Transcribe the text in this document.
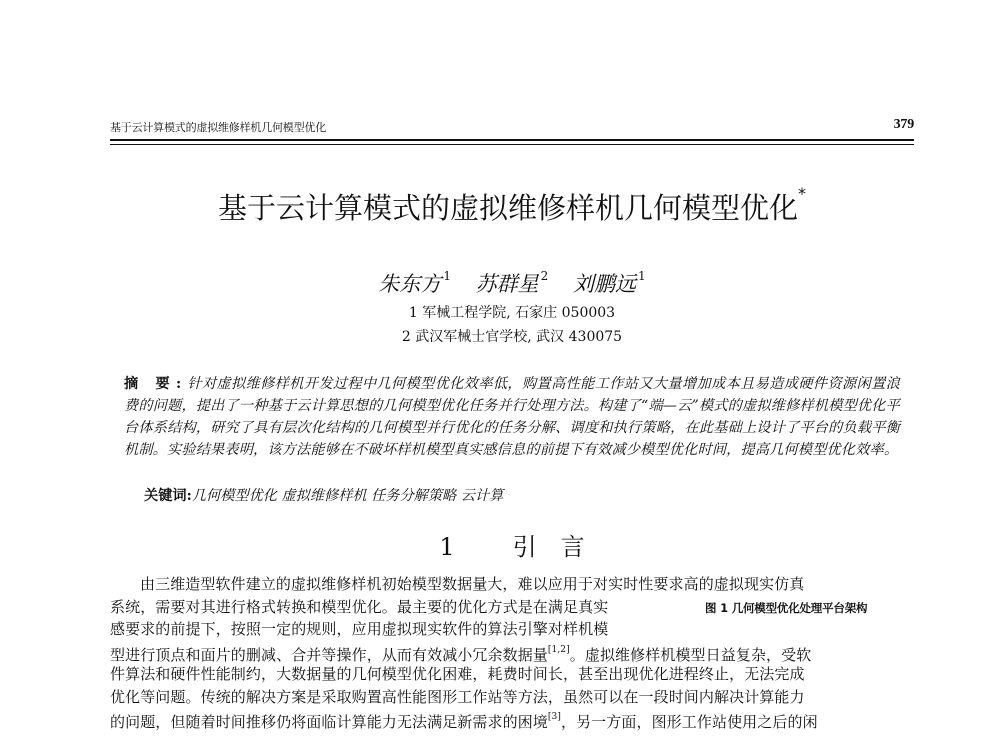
基于云计算模式的虚拟维修样机几何模型优化	379
基于云计算模式的虚拟维修样机几何模型优化*
朱东方 $^1$ 苏群星 $^2$ 刘鹏远 $^1$
1 军械工程学院, 石家庄 050003
2 武汉军械士官学校, 武汉 430075
摘 要:针对虚拟维修样机开发过程中几何模型优化效率低，购置高性能工作站又大量增加成本且易造成硬件资源闲置浪费的问题，提出了一种基于云计算思想的几何模型优化任务并行处理方法。构建了“端—云”模式的虚拟维修样机模型优化平台体系结构，研究了具有层次化结构的几何模型并行优化的任务分解、调度和执行策略，在此基础上设计了平台的负载平衡机制。实验结果表明，该方法能够在不破坏样机模型真实感信息的前提下有效减少模型优化时间，提高几何模型优化效率。
关键词:几何模型优化 虚拟维修样机 任务分解策略 云计算
1 引　言
由三维造型软件建立的虚拟维修样机初始模型数据量大，难以应用于对实时性要求高的虚拟现实仿真
系统，需要对其进行格式转换和模型优化。最主要的优化方式是在满足真实
感要求的前提下，按照一定的规则，应用虚拟现实软件的算法引擎对样机模
型进行顶点和面片的删减、合并等操作，从而有效减小冗余数据量[1,2]。虚拟维修样机模型日益复杂，受软
件算法和硬件性能制约，大数据量的几何模型优化困难，耗费时间长，甚至出现优化进程终止，无法完成
优化等问题。传统的解决方案是采取购置高性能图形工作站等方法，虽然可以在一段时间内解决计算能力
的问题，但随着时间推移仍将面临计算能力无法满足新需求的困境[3]，另一方面，图形工作站使用之后的闲
图 1 几何模型优化处理平台架构
